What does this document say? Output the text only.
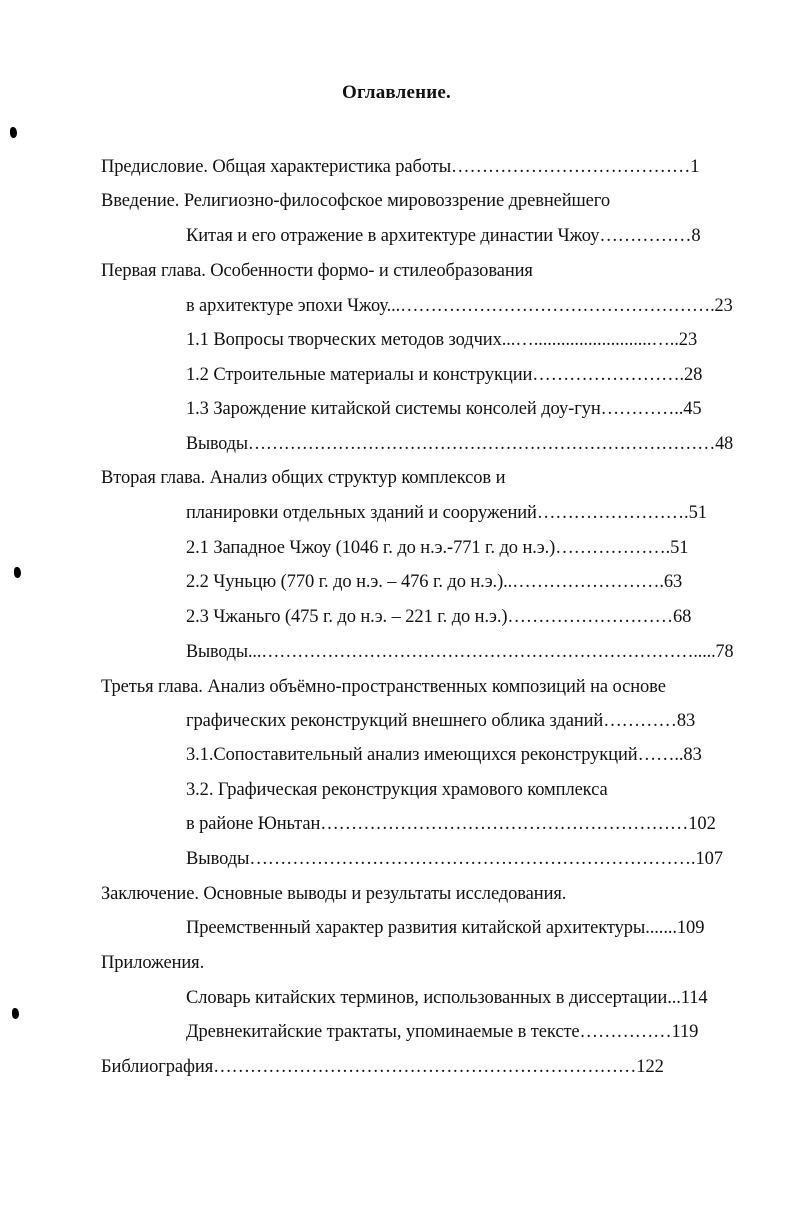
Оглавление.
Предисловие. Общая характеристика работы…………………………………1
Введение. Религиозно-философское мировоззрение древнейшего
Китая и его отражение в архитектуре династии Чжоу……………8
Первая глава. Особенности формо- и стилеобразования
в архитектуре эпохи Чжоу...…………………………………………….23
1.1 Вопросы творческих методов зодчих...…..........................…..23
1.2 Строительные материалы и конструкции…………………….28
1.3 Зарождение китайской системы консолей доу-гун…………..45
Выводы……………………………………………………………………48
Вторая глава. Анализ общих структур комплексов и
планировки отдельных зданий и сооружений…………………….51
2.1 Западное Чжоу (1046 г. до н.э.-771 г. до н.э.)……………….51
2.2 Чуньцю (770 г. до н.э. – 476 г. до н.э.)..…………………….63
2.3 Чжаньго (475 г. до н.э. – 221 г. до н.э.)………………………68
Выводы...……………………………………………………………….....78
Третья глава. Анализ объёмно-пространственных композиций на основе
графических реконструкций внешнего облика зданий…………83
3.1.Сопоставительный анализ имеющихся реконструкций……..83
3.2. Графическая реконструкция храмового комплекса
в районе Юньтан……………………………………………………102
Выводы……………………………………………………………….107
Заключение. Основные выводы и результаты исследования.
Преемственный характер развития китайской архитектуры.......109
Приложения.
Словарь китайских терминов, использованных в диссертации...114
Древнекитайские трактаты, упоминаемые в тексте……………119
Библиография……………………………………………………………122
